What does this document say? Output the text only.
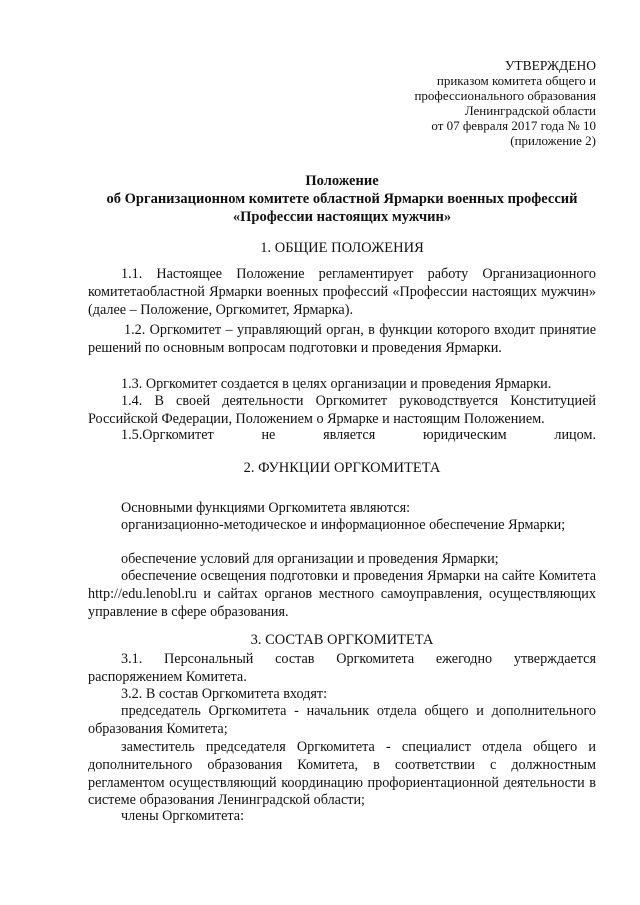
УТВЕРЖДЕНО
приказом комитета общего и
профессионального образования
Ленинградской области
от 07 февраля 2017 года № 10
(приложение 2)
Положение
об Организационном комитете областной Ярмарки военных профессий
«Профессии настоящих мужчин»
1. ОБЩИЕ ПОЛОЖЕНИЯ

1.1. Настоящее Положение регламентирует работу Организационного комитетаобластной Ярмарки военных профессий «Профессии настоящих мужчин» (далее – Положение, Оргкомитет, Ярмарка).

1.2. Оргкомитет – управляющий орган, в функции которого входит принятие решений по основным вопросам подготовки и проведения Ярмарки.

1.3. Оргкомитет создается в целях организации и проведения Ярмарки.

1.4. В своей деятельности Оргкомитет руководствуется Конституцией Российской Федерации, Положением о Ярмарке и настоящим Положением.

1.5.Оргкомитет не является юридическим лицом.

2. ФУНКЦИИ ОРГКОМИТЕТА

Основными функциями Оргкомитета являются:

организационно-методическое и информационное обеспечение Ярмарки;

обеспечение условий для организации и проведения Ярмарки;

обеспечение освещения подготовки и проведения Ярмарки на сайте Комитета http://edu.lenobl.ru и сайтах органов местного самоуправления, осуществляющих управление в сфере образования.

3. СОСТАВ ОРГКОМИТЕТА

3.1. Персональный состав Оргкомитета ежегодно утверждается распоряжением Комитета.

3.2. В состав Оргкомитета входят:

председатель Оргкомитета - начальник отдела общего и дополнительного образования Комитета;

заместитель председателя Оргкомитета - специалист отдела общего и дополнительного образования Комитета, в соответствии с должностным регламентом осуществляющий координацию профориентационной деятельности в системе образования Ленинградской области;

члены Оргкомитета:
